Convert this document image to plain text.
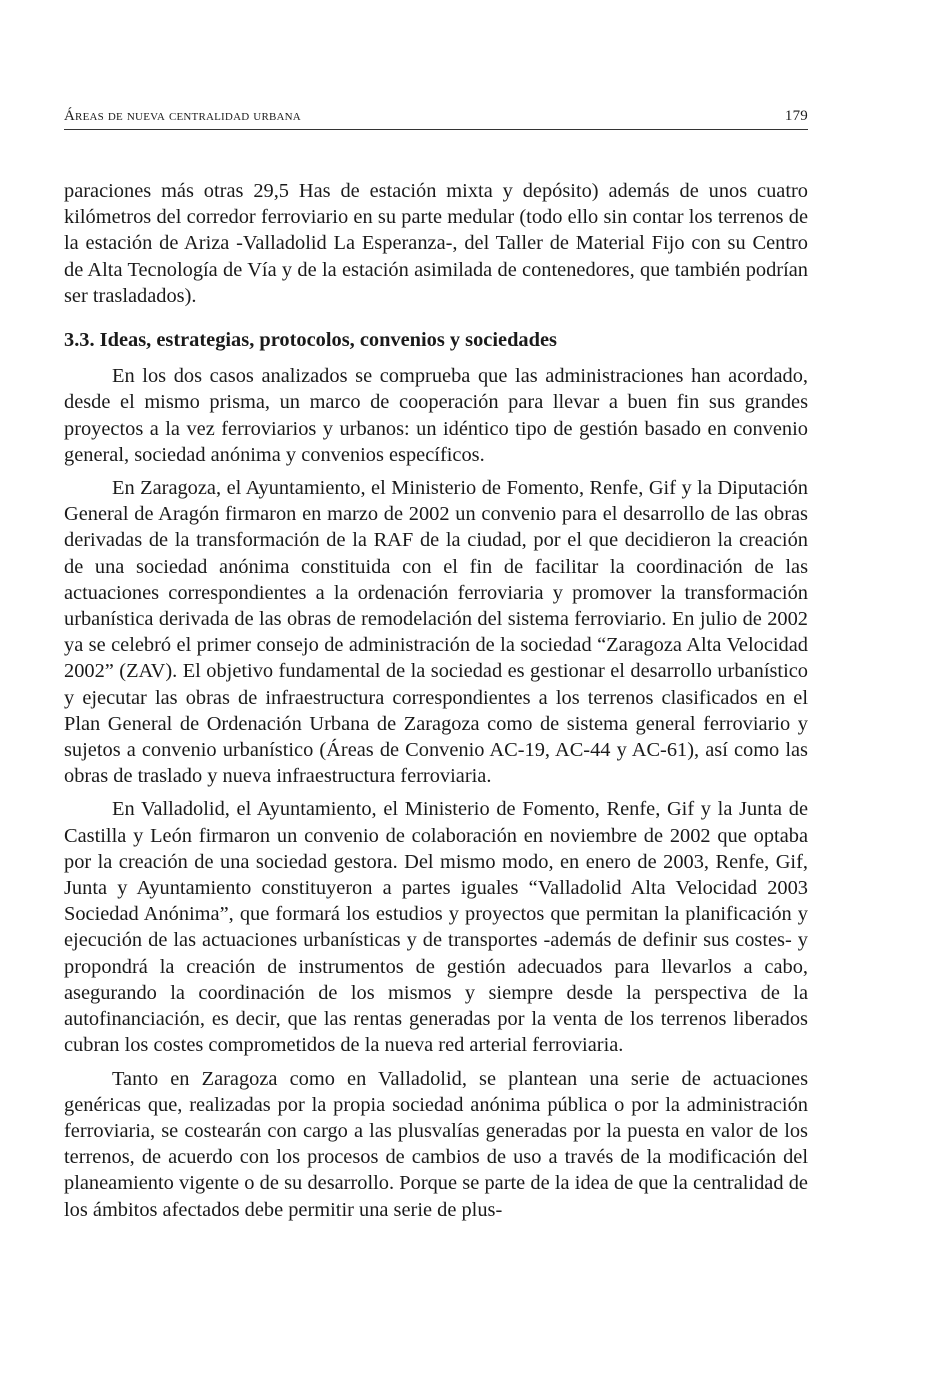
Áreas de nueva centralidad urbana	179

paraciones más otras 29,5 Has de estación mixta y depósito) además de unos cuatro kilómetros del corredor ferroviario en su parte medular (todo ello sin contar los terrenos de la estación de Ariza -Valladolid La Esperanza-, del Taller de Material Fijo con su Centro de Alta Tecnología de Vía y de la estación asimilada de contenedores, que también podrían ser trasladados).

3.3. Ideas, estrategias, protocolos, convenios y sociedades

En los dos casos analizados se comprueba que las administraciones han acordado, desde el mismo prisma, un marco de cooperación para llevar a buen fin sus grandes proyectos a la vez ferroviarios y urbanos: un idéntico tipo de gestión basado en convenio general, sociedad anónima y convenios específicos.

En Zaragoza, el Ayuntamiento, el Ministerio de Fomento, Renfe, Gif y la Diputación General de Aragón firmaron en marzo de 2002 un convenio para el desarrollo de las obras derivadas de la transformación de la RAF de la ciudad, por el que decidieron la creación de una sociedad anónima constituida con el fin de facilitar la coordinación de las actuaciones correspondientes a la ordenación ferroviaria y promover la transformación urbanística derivada de las obras de remodelación del sistema ferroviario. En julio de 2002 ya se celebró el primer consejo de administración de la sociedad “Zaragoza Alta Velocidad 2002” (ZAV). El objetivo fundamental de la sociedad es gestionar el desarrollo urbanístico y ejecutar las obras de infraestructura correspondientes a los terrenos clasificados en el Plan General de Ordenación Urbana de Zaragoza como de sistema general ferroviario y sujetos a convenio urbanístico (Áreas de Convenio AC-19, AC-44 y AC-61), así como las obras de traslado y nueva infraestructura ferroviaria.

En Valladolid, el Ayuntamiento, el Ministerio de Fomento, Renfe, Gif y la Junta de Castilla y León firmaron un convenio de colaboración en noviembre de 2002 que optaba por la creación de una sociedad gestora. Del mismo modo, en enero de 2003, Renfe, Gif, Junta y Ayuntamiento constituyeron a partes iguales “Valladolid Alta Velocidad 2003 Sociedad Anónima”, que formará los estudios y proyectos que permitan la planificación y ejecución de las actuaciones urbanísticas y de transportes -además de definir sus costes- y propondrá la creación de instrumentos de gestión adecuados para llevarlos a cabo, asegurando la coordinación de los mismos y siempre desde la perspectiva de la autofinanciación, es decir, que las rentas generadas por la venta de los terrenos liberados cubran los costes comprometidos de la nueva red arterial ferroviaria.

Tanto en Zaragoza como en Valladolid, se plantean una serie de actuaciones genéricas que, realizadas por la propia sociedad anónima pública o por la administración ferroviaria, se costearán con cargo a las plusvalías generadas por la puesta en valor de los terrenos, de acuerdo con los procesos de cambios de uso a través de la modificación del planeamiento vigente o de su desarrollo. Porque se parte de la idea de que la centralidad de los ámbitos afectados debe permitir una serie de plus-
